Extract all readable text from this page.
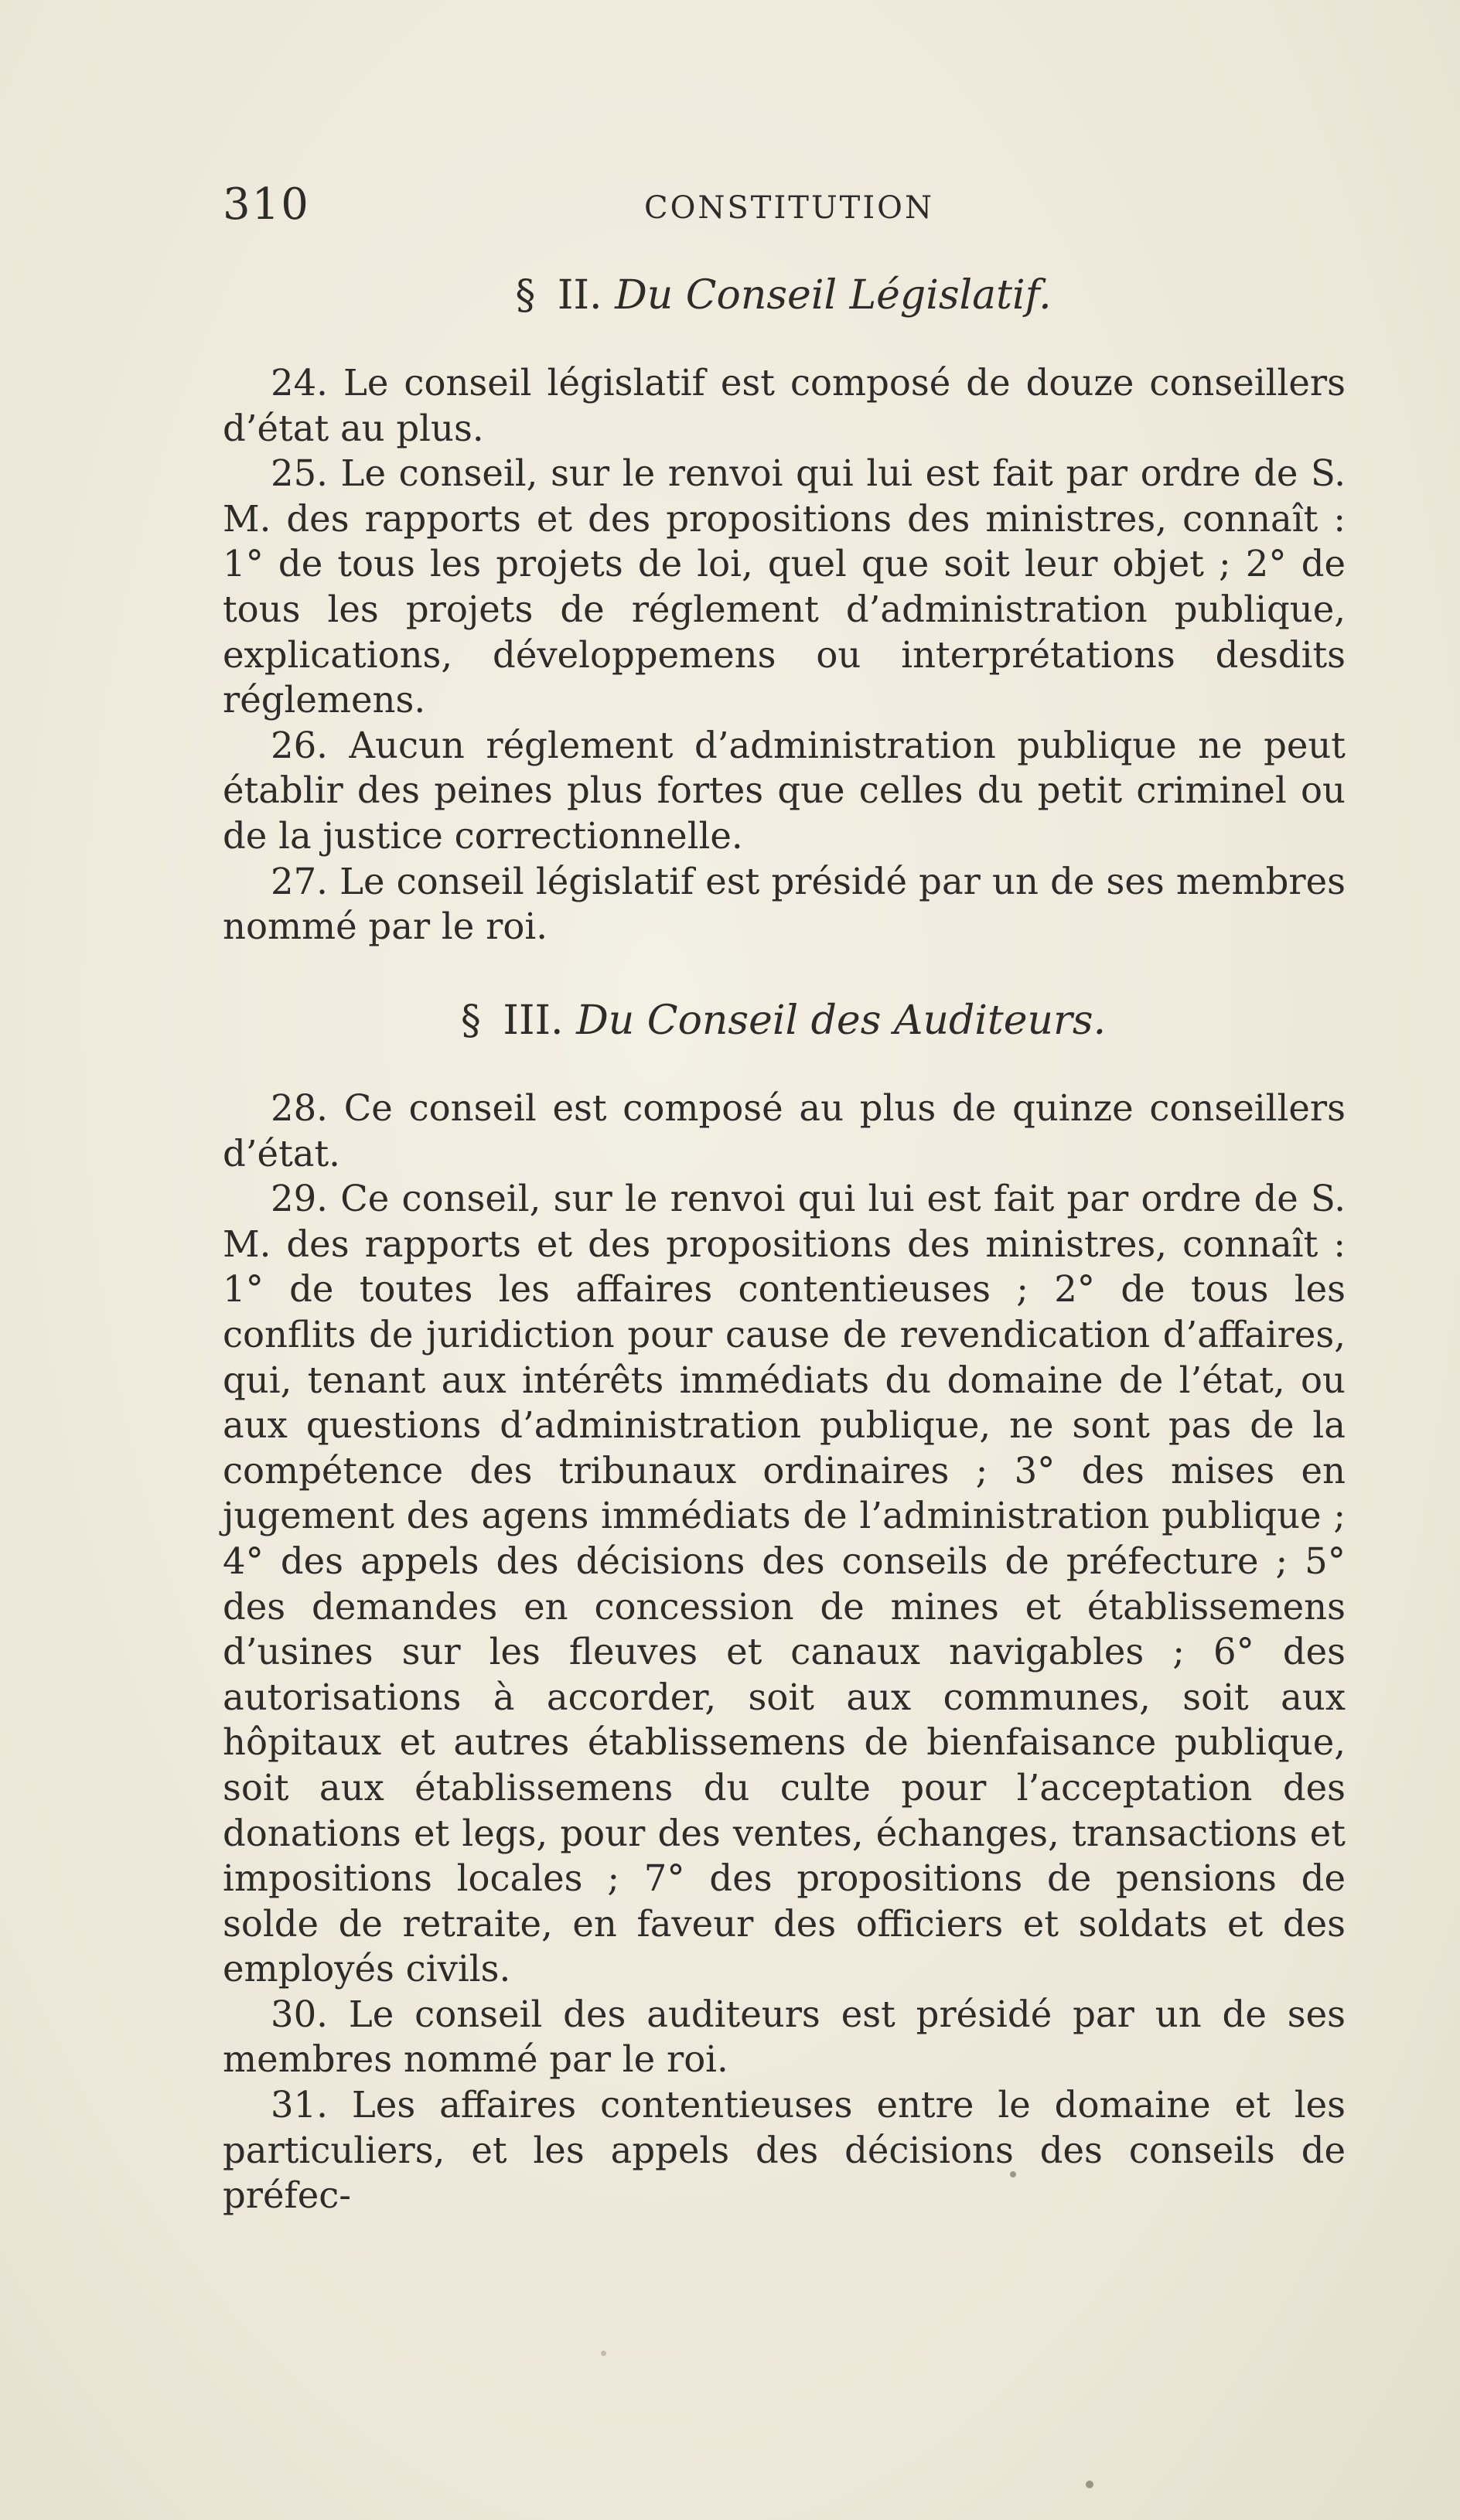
310	CONSTITUTION
§ II. Du Conseil Législatif.

24. Le conseil législatif est composé de douze conseillers d’état au plus.

25. Le conseil, sur le renvoi qui lui est fait par ordre de S. M. des rapports et des propositions des ministres, connaît : 1° de tous les projets de loi, quel que soit leur objet ; 2° de tous les projets de réglement d’administration publique, explications, développemens ou interprétations desdits réglemens.

26. Aucun réglement d’administration publique ne peut établir des peines plus fortes que celles du petit criminel ou de la justice correctionnelle.

27. Le conseil législatif est présidé par un de ses membres nommé par le roi.

§ III. Du Conseil des Auditeurs.

28. Ce conseil est composé au plus de quinze conseillers d’état.

29. Ce conseil, sur le renvoi qui lui est fait par ordre de S. M. des rapports et des propositions des ministres, connaît : 1° de toutes les affaires contentieuses ; 2° de tous les conflits de juridiction pour cause de revendication d’affaires, qui, tenant aux intérêts immédiats du domaine de l’état, ou aux questions d’administration publique, ne sont pas de la compétence des tribunaux ordinaires ; 3° des mises en jugement des agens immédiats de l’administration publique ; 4° des appels des décisions des conseils de préfecture ; 5° des demandes en concession de mines et établissemens d’usines sur les fleuves et canaux navigables ; 6° des autorisations à accorder, soit aux communes, soit aux hôpitaux et autres établissemens de bienfaisance publique, soit aux établissemens du culte pour l’acceptation des donations et legs, pour des ventes, échanges, transactions et impositions locales ; 7° des propositions de pensions de solde de retraite, en faveur des officiers et soldats et des employés civils.

30. Le conseil des auditeurs est présidé par un de ses membres nommé par le roi.

31. Les affaires contentieuses entre le domaine et les particuliers, et les appels des décisions des conseils de préfec-
